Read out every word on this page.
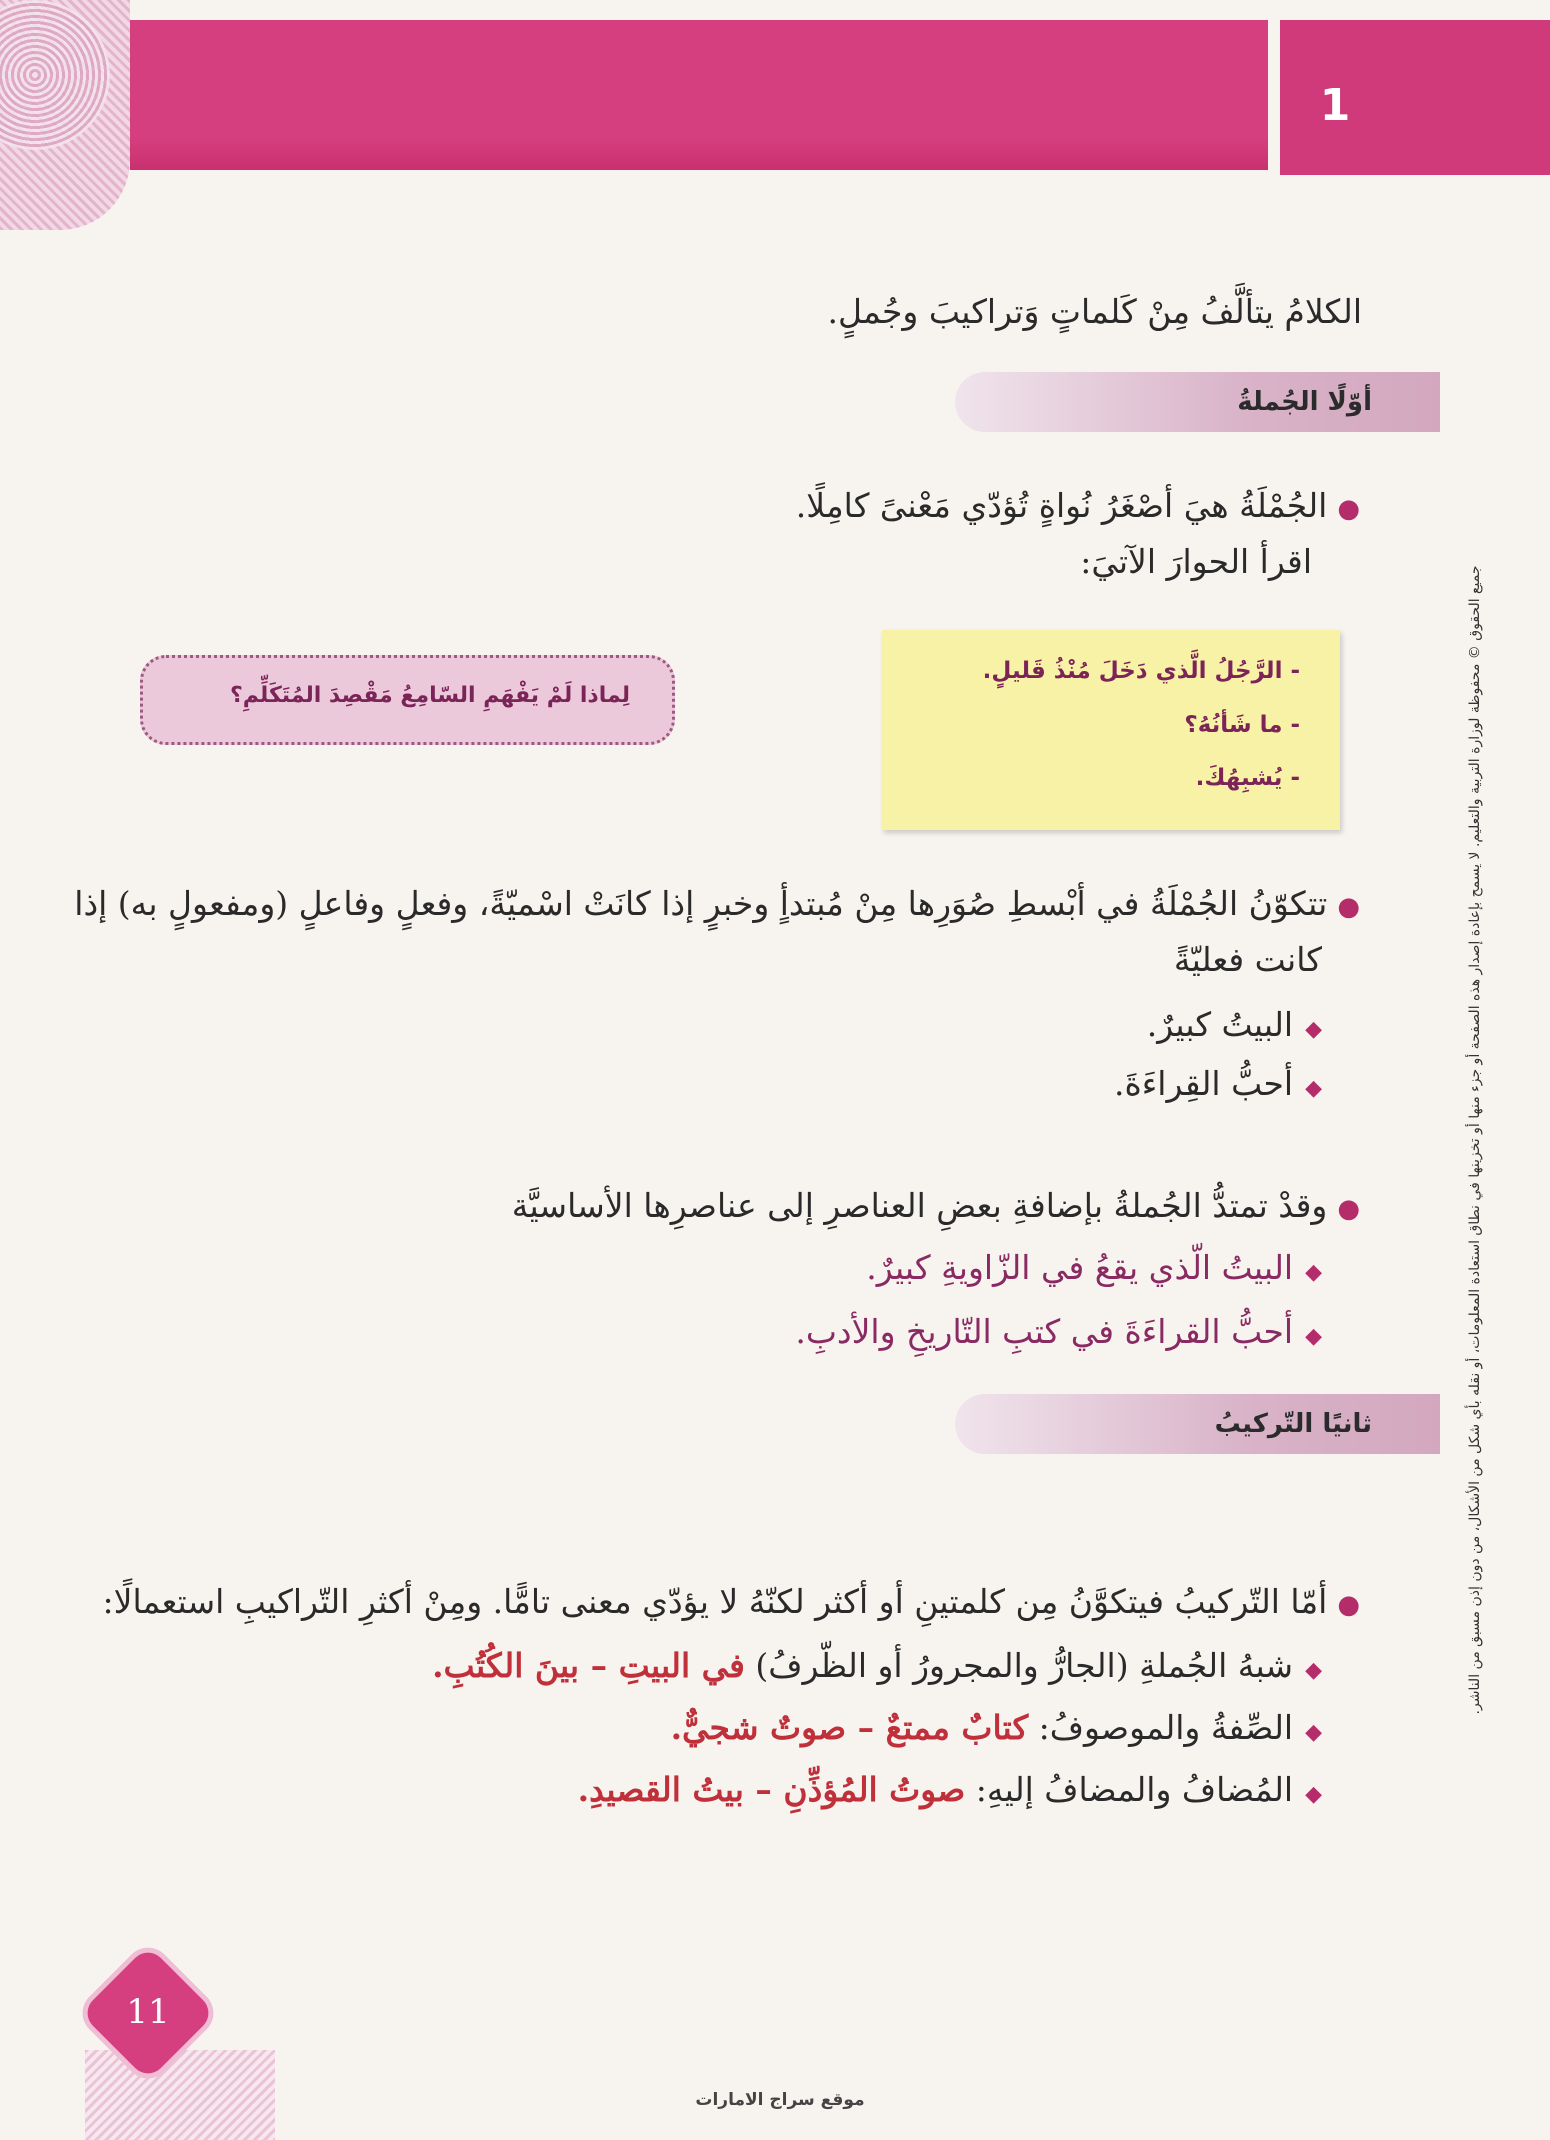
1
جميع الحقوق © محفوظة لوزارة التربية والتعليم. لا يسمح بإعادة إصدار هذه الصفحة أو جزء منها أو تخزينها في نطاق استعادة المعلومات، أو نقله بأي شكل من الأشكال، من دون إذن مسبق من الناشر.
الكلامُ يتألَّفُ مِنْ كَلماتٍ وَتراكيبَ وجُملٍ.
أوّلًا الجُملةُ
●الجُمْلَةُ هيَ أصْغَرُ نُواةٍ تُؤدّي مَعْنىً كامِلًا.
اقرأ الحوارَ الآتيَ:
- الرَّجُلُ الَّذي دَخَلَ مُنْذُ قَليلٍ.
- ما شَأنُهُ؟
- يُشبِهُكَ.
لِماذا لَمْ يَفْهَمِ السّامِعُ مَقْصِدَ المُتَكَلِّمِ؟
●تتكوّنُ الجُمْلَةُ في أبْسطِ صُوَرِها مِنْ مُبتدأٍ وخبرٍ إذا كانَتْ اسْميّةً، وفعلٍ وفاعلٍ (ومفعولٍ به) إذا
كانت فعليّةً
◆البيتُ كبيرٌ.
◆أحبُّ القِراءَةَ.
●وقدْ تمتدُّ الجُملةُ بإضافةِ بعضِ العناصرِ إلى عناصرِها الأساسيَّة
◆البيتُ الّذي يقعُ في الزّاويةِ كبيرٌ.
◆أحبُّ القراءَةَ في كتبِ التّاريخِ والأدبِ.
ثانيًا التّركيبُ
●أمّا التّركيبُ فيتكوَّنُ مِن كلمتينِ أو أكثر لكنّهُ لا يؤدّي معنى تامًّا. ومِنْ أكثرِ التّراكيبِ استعمالًا:
◆شبهُ الجُملةِ (الجارُّ والمجرورُ أو الظّرفُ) في البيتِ – بينَ الكُتُبِ.
◆الصِّفةُ والموصوفُ: كتابٌ ممتعٌ – صوتٌ شجيٌّ.
◆المُضافُ والمضافُ إليهِ: صوتُ المُؤذِّنِ – بيتُ القصيدِ.
11
موقع سراج الامارات
